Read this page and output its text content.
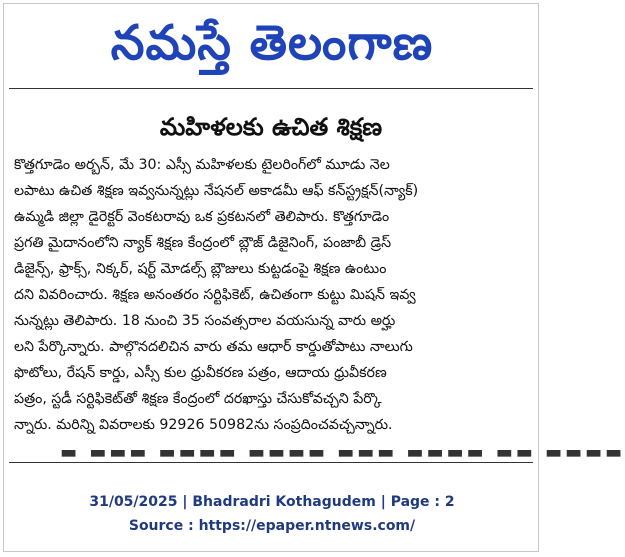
నమస్తే తెలంగాణ
మహిళలకు ఉచిత శిక్షణ
కొత్తగూడెం అర్బన్, మే 30: ఎస్సీ మహిళలకు టైలరింగ్‌లో మూడు నెల
లపాటు ఉచిత శిక్షణ ఇవ్వనున్నట్లు నేషనల్ అకాడమీ ఆఫ్ కన్‌స్ట్రక్షన్(న్యాక్)
ఉమ్మడి జిల్లా డైరెక్టర్ వెంకటరావు ఒక ప్రకటనలో తెలిపారు. కొత్తగూడెం
ప్రగతి మైదానంలోని న్యాక్ శిక్షణ కేంద్రంలో బ్లౌజ్ డిజైనింగ్, పంజాబీ డ్రెస్
డిజైన్స్, ఫ్రాక్స్, నిక్కర్, షర్ట్ మోడల్స్ బ్లౌజులు కుట్టడంపై శిక్షణ ఉంటుం
దని వివరించారు. శిక్షణ అనంతరం సర్టిఫికెట్, ఉచితంగా కుట్టు మిషన్ ఇవ్వ
నున్నట్లు తెలిపారు. 18 నుంచి 35 సంవత్సరాల వయసున్న వారు అర్హు
లని పేర్కొన్నారు. పాల్గొనదలిచిన వారు తమ ఆధార్ కార్డుతోపాటు నాలుగు
ఫొటోలు, రేషన్ కార్డు, ఎస్సీ కుల ధ్రువీకరణ పత్రం, ఆదాయ ధ్రువీకరణ
పత్రం, స్టడీ సర్టిఫికెట్‌తో శిక్షణ కేంద్రంలో దరఖాస్తు చేసుకోవచ్చని పేర్కొ
న్నారు. మరిన్ని వివరాలకు 92926 50982ను సంప్రదించవచ్చన్నారు.
▬ ▬▬▬ ▬▬▬▬ ▬▬▬▬ ▬▬▬ ▬▬▬▬ ▬▬ ▬▬▬▬
31/05/2025 | Bhadradri Kothagudem | Page : 2
Source : https://epaper.ntnews.com/
